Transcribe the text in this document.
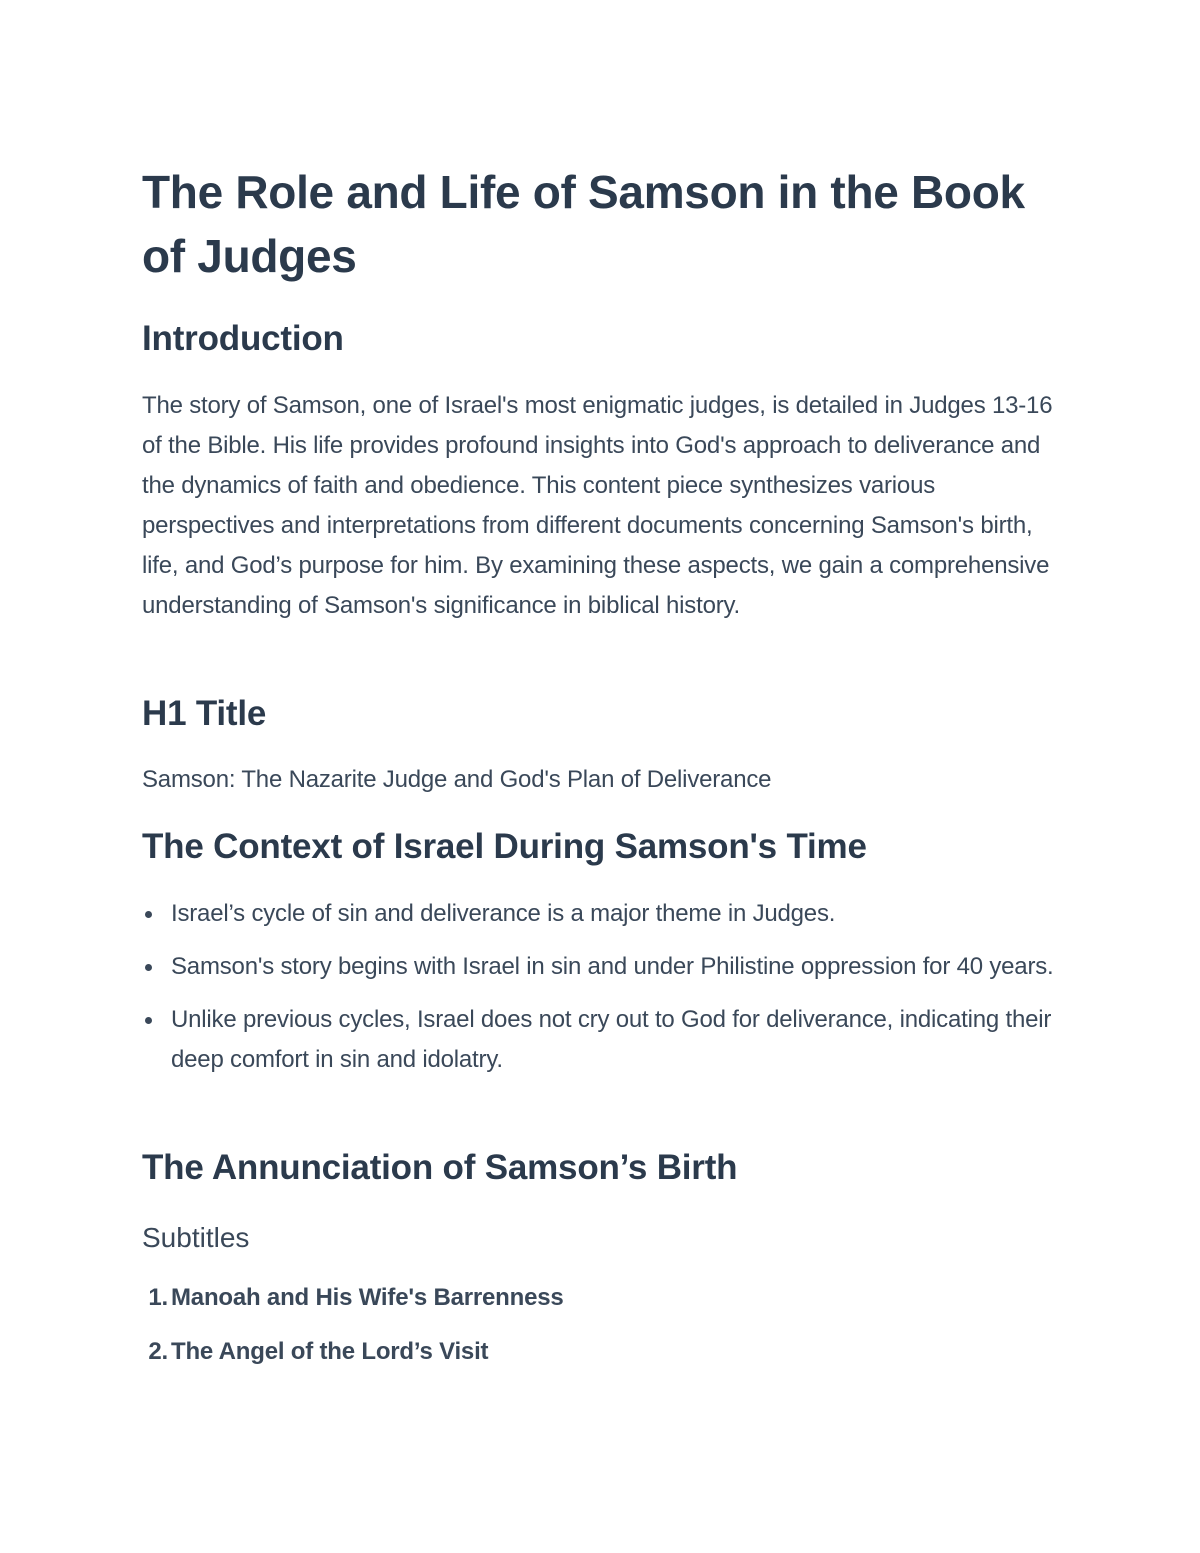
The Role and Life of Samson in the Book of Judges
Introduction

The story of Samson, one of Israel's most enigmatic judges, is detailed in Judges 13-16 of the Bible. His life provides profound insights into God's approach to deliverance and the dynamics of faith and obedience. This content piece synthesizes various perspectives and interpretations from different documents concerning Samson's birth, life, and God’s purpose for him. By examining these aspects, we gain a comprehensive understanding of Samson's significance in biblical history.

H1 Title

Samson: The Nazarite Judge and God's Plan of Deliverance

The Context of Israel During Samson's Time
Israel’s cycle of sin and deliverance is a major theme in Judges.
Samson's story begins with Israel in sin and under Philistine oppression for 40 years.
Unlike previous cycles, Israel does not cry out to God for deliverance, indicating their deep comfort in sin and idolatry.
The Annunciation of Samson’s Birth
Subtitles
1. Manoah and His Wife's Barrenness
2. The Angel of the Lord’s Visit
